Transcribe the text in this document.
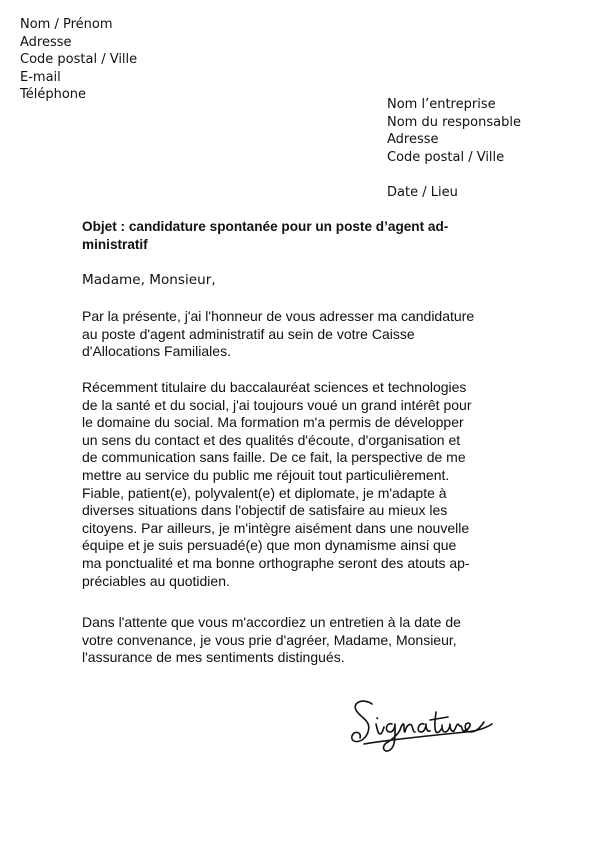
Nom / Prénom
Adresse
Code postal / Ville
E-mail
Téléphone
Nom l’entreprise
Nom du responsable
Adresse
Code postal / Ville
Date / Lieu
Objet : candidature spontanée pour un poste d’agent ad-
ministratif
Madame, Monsieur,
Par la présente, j'ai l'honneur de vous adresser ma candidature
au poste d'agent administratif au sein de votre Caisse
d'Allocations Familiales.
Récemment titulaire du baccalauréat sciences et technologies
de la santé et du social, j'ai toujours voué un grand intérêt pour
le domaine du social. Ma formation m'a permis de développer
un sens du contact et des qualités d'écoute, d'organisation et
de communication sans faille. De ce fait, la perspective de me
mettre au service du public me réjouit tout particulièrement.
Fiable, patient(e), polyvalent(e) et diplomate, je m'adapte à
diverses situations dans l'objectif de satisfaire au mieux les
citoyens. Par ailleurs, je m'intègre aisément dans une nouvelle
équipe et je suis persuadé(e) que mon dynamisme ainsi que
ma ponctualité et ma bonne orthographe seront des atouts ap-
préciables au quotidien.
Dans l'attente que vous m'accordiez un entretien à la date de
votre convenance, je vous prie d'agréer, Madame, Monsieur,
l'assurance de mes sentiments distingués.
